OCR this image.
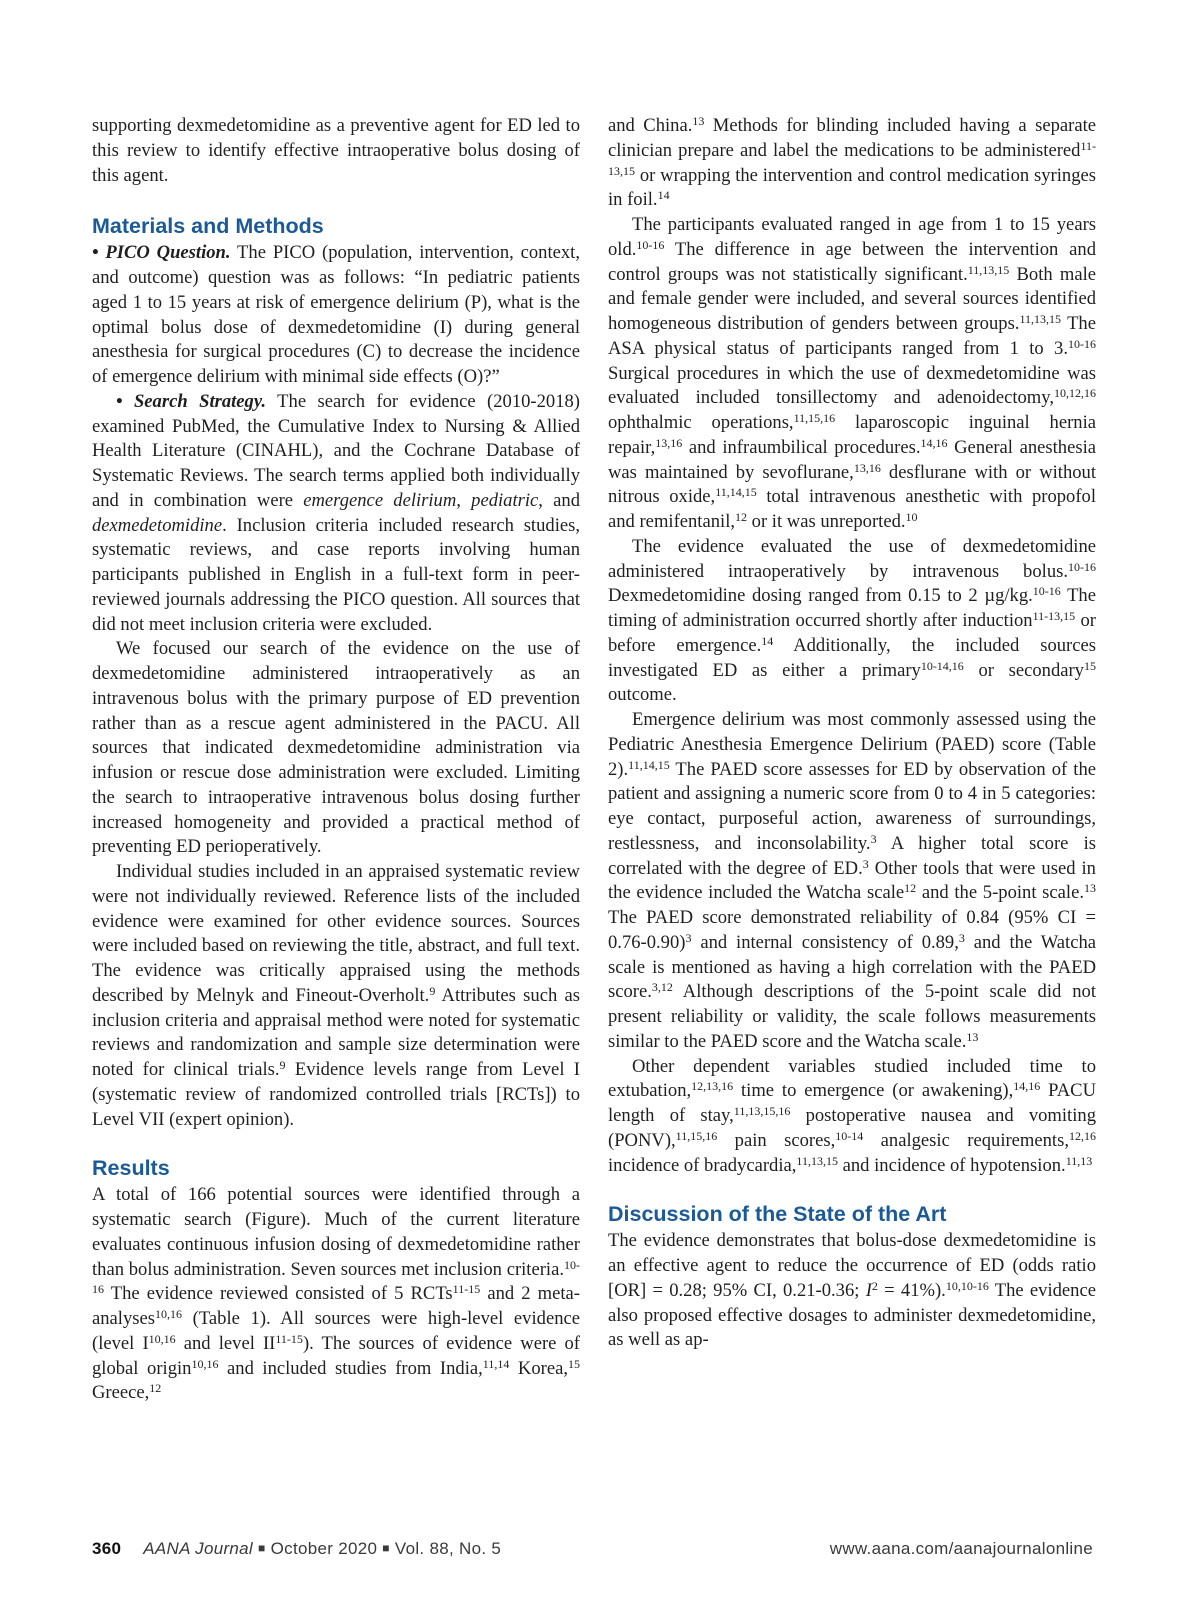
supporting dexmedetomidine as a preventive agent for ED led to this review to identify effective intraoperative bolus dosing of this agent.

Materials and Methods

• PICO Question. The PICO (population, intervention, context, and outcome) question was as follows: “In pediatric patients aged 1 to 15 years at risk of emergence delirium (P), what is the optimal bolus dose of dexmedetomidine (I) during general anesthesia for surgical procedures (C) to decrease the incidence of emergence delirium with minimal side effects (O)?”

• Search Strategy. The search for evidence (2010-2018) examined PubMed, the Cumulative Index to Nursing & Allied Health Literature (CINAHL), and the Cochrane Database of Systematic Reviews. The search terms applied both individually and in combination were emergence delirium, pediatric, and dexmedetomidine. Inclusion criteria included research studies, systematic reviews, and case reports involving human participants published in English in a full-text form in peer-reviewed journals addressing the PICO question. All sources that did not meet inclusion criteria were excluded.

We focused our search of the evidence on the use of dexmedetomidine administered intraoperatively as an intravenous bolus with the primary purpose of ED prevention rather than as a rescue agent administered in the PACU. All sources that indicated dexmedetomidine administration via infusion or rescue dose administration were excluded. Limiting the search to intraoperative intravenous bolus dosing further increased homogeneity and provided a practical method of preventing ED perioperatively.

Individual studies included in an appraised systematic review were not individually reviewed. Reference lists of the included evidence were examined for other evidence sources. Sources were included based on reviewing the title, abstract, and full text. The evidence was critically appraised using the methods described by Melnyk and Fineout-Overholt.$^9$ Attributes such as inclusion criteria and appraisal method were noted for systematic reviews and randomization and sample size determination were noted for clinical trials.$^9$ Evidence levels range from Level I (systematic review of randomized controlled trials [RCTs]) to Level VII (expert opinion).

Results

A total of 166 potential sources were identified through a systematic search (Figure). Much of the current literature evaluates continuous infusion dosing of dexmedetomidine rather than bolus administration. Seven sources met inclusion criteria.$^{10-16}$ The evidence reviewed consisted of 5 RCTs$^{11-15}$ and 2 meta-analyses$^{10,16}$ (Table 1). All sources were high-level evidence (level I$^{10,16}$ and level II$^{11-15}$). The sources of evidence were of global origin$^{10,16}$ and included studies from India,$^{11,14}$ Korea,$^{15}$ Greece,$^{12}$

and China.$^{13}$ Methods for blinding included having a separate clinician prepare and label the medications to be administered$^{11-13,15}$ or wrapping the intervention and control medication syringes in foil.$^{14}$

The participants evaluated ranged in age from 1 to 15 years old.$^{10-16}$ The difference in age between the intervention and control groups was not statistically significant.$^{11,13,15}$ Both male and female gender were included, and several sources identified homogeneous distribution of genders between groups.$^{11,13,15}$ The ASA physical status of participants ranged from 1 to 3.$^{10-16}$ Surgical procedures in which the use of dexmedetomidine was evaluated included tonsillectomy and adenoidectomy,$^{10,12,16}$ ophthalmic operations,$^{11,15,16}$ laparoscopic inguinal hernia repair,$^{13,16}$ and infraumbilical procedures.$^{14,16}$ General anesthesia was maintained by sevoflurane,$^{13,16}$ desflurane with or without nitrous oxide,$^{11,14,15}$ total intravenous anesthetic with propofol and remifentanil,$^{12}$ or it was unreported.$^{10}$

The evidence evaluated the use of dexmedetomidine administered intraoperatively by intravenous bolus.$^{10-16}$ Dexmedetomidine dosing ranged from 0.15 to 2 µg/kg.$^{10-16}$ The timing of administration occurred shortly after induction$^{11-13,15}$ or before emergence.$^{14}$ Additionally, the included sources investigated ED as either a primary$^{10-14,16}$ or secondary$^{15}$ outcome.

Emergence delirium was most commonly assessed using the Pediatric Anesthesia Emergence Delirium (PAED) score (Table 2).$^{11,14,15}$ The PAED score assesses for ED by observation of the patient and assigning a numeric score from 0 to 4 in 5 categories: eye contact, purposeful action, awareness of surroundings, restlessness, and inconsolability.$^3$ A higher total score is correlated with the degree of ED.$^3$ Other tools that were used in the evidence included the Watcha scale$^{12}$ and the 5-point scale.$^{13}$ The PAED score demonstrated reliability of 0.84 (95% CI = 0.76-0.90)$^3$ and internal consistency of 0.89,$^3$ and the Watcha scale is mentioned as having a high correlation with the PAED score.$^{3,12}$ Although descriptions of the 5-point scale did not present reliability or validity, the scale follows measurements similar to the PAED score and the Watcha scale.$^{13}$

Other dependent variables studied included time to extubation,$^{12,13,16}$ time to emergence (or awakening),$^{14,16}$ PACU length of stay,$^{11,13,15,16}$ postoperative nausea and vomiting (PONV),$^{11,15,16}$ pain scores,$^{10-14}$ analgesic requirements,$^{12,16}$ incidence of bradycardia,$^{11,13,15}$ and incidence of hypotension.$^{11,13}$

Discussion of the State of the Art

The evidence demonstrates that bolus-dose dexmedetomidine is an effective agent to reduce the occurrence of ED (odds ratio [OR] = 0.28; 95% CI, 0.21-0.36; $I^2 = 41\%).^{10,10-16}$ The evidence also proposed effective dosages to administer dexmedetomidine, as well as ap-

360 AANA Journal ■ October 2020 ■ Vol. 88, No. 5	www.aana.com/aanajournalonline
